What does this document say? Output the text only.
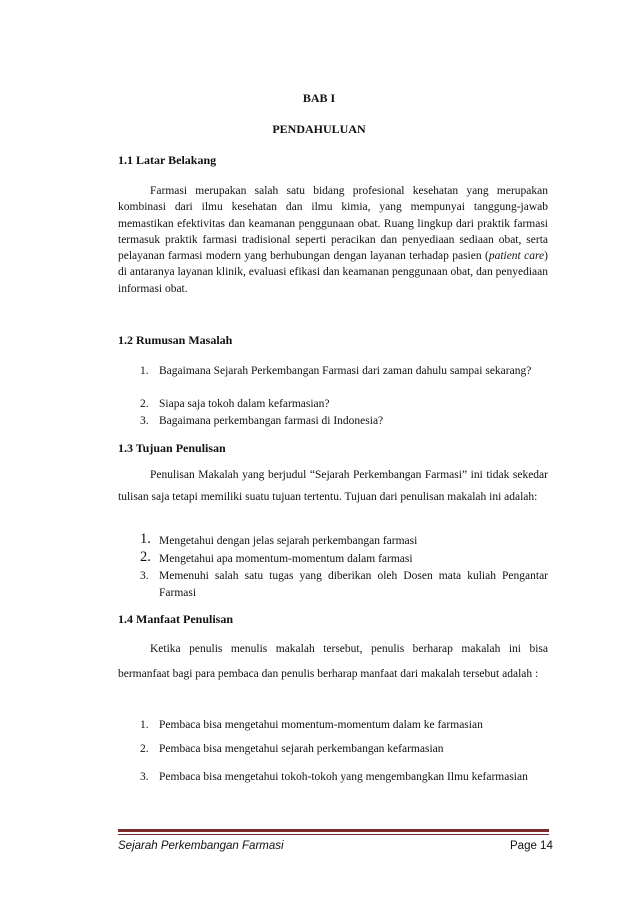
BAB I
PENDAHULUAN
1.1 Latar Belakang
Farmasi merupakan salah satu bidang profesional kesehatan yang merupakan kombinasi dari ilmu kesehatan dan ilmu kimia, yang mempunyai tanggung-jawab memastikan efektivitas dan keamanan penggunaan obat. Ruang lingkup dari praktik farmasi termasuk praktik farmasi tradisional seperti peracikan dan penyediaan sediaan obat, serta pelayanan farmasi modern yang berhubungan dengan layanan terhadap pasien (patient care) di antaranya layanan klinik, evaluasi efikasi dan keamanan penggunaan obat, dan penyediaan informasi obat.
1.2 Rumusan Masalah
1. Bagaimana Sejarah Perkembangan Farmasi dari zaman dahulu sampai sekarang?
2. Siapa saja tokoh dalam kefarmasian?
3. Bagaimana perkembangan farmasi di Indonesia?
1.3 Tujuan Penulisan
Penulisan Makalah yang berjudul “Sejarah Perkembangan Farmasi” ini tidak sekedar tulisan saja tetapi memiliki suatu tujuan tertentu. Tujuan dari penulisan makalah ini adalah:
1. Mengetahui dengan jelas sejarah perkembangan farmasi
2. Mengetahui apa momentum-momentum dalam farmasi
3. Memenuhi salah satu tugas yang diberikan oleh Dosen mata kuliah Pengantar Farmasi
1.4 Manfaat Penulisan
Ketika penulis menulis makalah tersebut, penulis berharap makalah ini bisa bermanfaat bagi para pembaca dan penulis berharap manfaat dari makalah tersebut adalah :
1. Pembaca bisa mengetahui momentum-momentum dalam ke farmasian
2. Pembaca bisa mengetahui sejarah perkembangan kefarmasian
3. Pembaca bisa mengetahui tokoh-tokoh yang mengembangkan Ilmu kefarmasian
Sejarah Perkembangan Farmasi	Page 14
